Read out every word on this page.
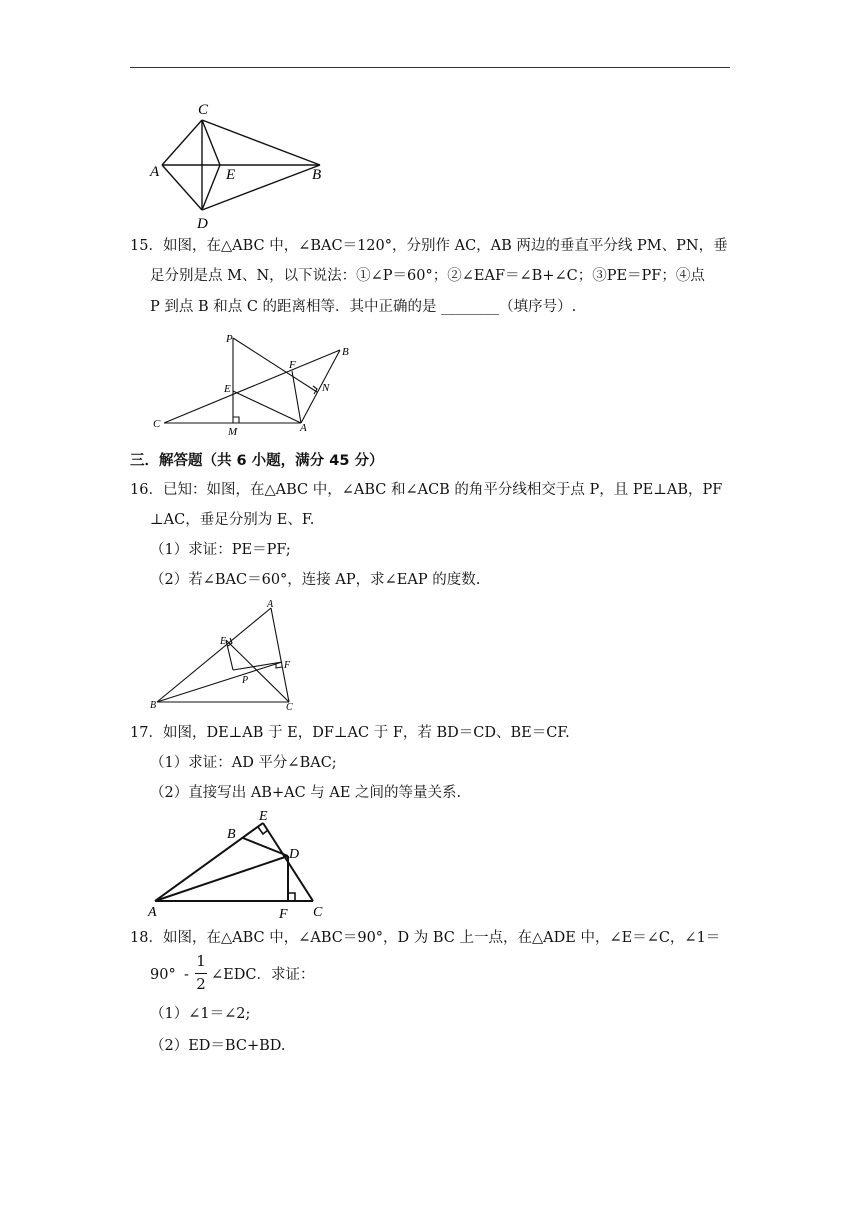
C
A	E	B
D
15．如图，在△ABC 中，∠BAC＝120°，分别作 AC，AB 两边的垂直平分线 PM、PN，垂
足分别是点 M、N，以下说法：①∠P＝60°；②∠EAF＝∠B+∠C；③PE＝PF；④点
P 到点 B 和点 C 的距离相等．其中正确的是 ________（填序号）.
P
F
B
E	N
C
M	A
三．解答题（共 6 小题，满分 45 分）
16．已知：如图，在△ABC 中，∠ABC 和∠ACB 的角平分线相交于点 P，且 PE⊥AB，PF
⊥AC，垂足分别为 E、F.
（1）求证：PE＝PF;
（2）若∠BAC＝60°，连接 AP，求∠EAP 的度数.
A
E
F
P
B	C
17．如图，DE⊥AB 于 E，DF⊥AC 于 F，若 BD＝CD、BE＝CF.
（1）求证：AD 平分∠BAC;
（2）直接写出 AB+AC 与 AE 之间的等量关系.
E
B
D
A	F C
18．如图，在△ABC 中，∠ABC＝90°，D 为 BC 上一点，在△ADE 中，∠E＝∠C，∠1＝
90° -
1
2 ∠EDC．求证：
（1）∠1＝∠2;
（2）ED＝BC+BD.
